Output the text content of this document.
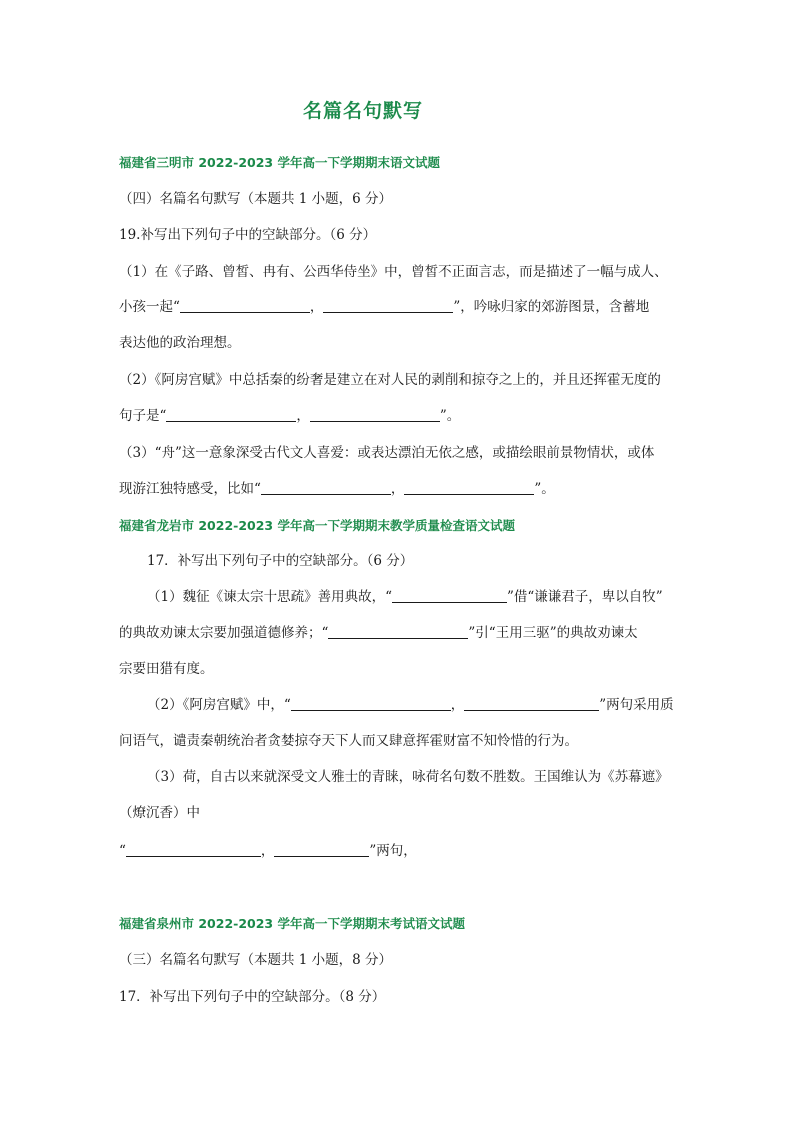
名篇名句默写
福建省三明市 2022-2023 学年高一下学期期末语文试题
（四）名篇名句默写（本题共 1 小题，6 分）
19.补写出下列句子中的空缺部分。（6 分）
（1）在《子路、曾皙、冉有、公西华侍坐》中，曾皙不正面言志，而是描述了一幅与成人、
小孩一起“	，	”，吟咏归家的郊游图景，含蓄地
表达他的政治理想。
（2）《阿房宫赋》中总括秦的纷奢是建立在对人民的剥削和掠夺之上的，并且还挥霍无度的
句子是“	，	”。
（3）“舟”这一意象深受古代文人喜爱：或表达漂泊无依之感，或描绘眼前景物情状，或体
现游江独特感受，比如“	，	”。
福建省龙岩市 2022-2023 学年高一下学期期末教学质量检查语文试题
17．补写出下列句子中的空缺部分。（6 分）
（1）魏征《谏太宗十思疏》善用典故，“	”借“谦谦君子，卑以自牧”
的典故劝谏太宗要加强道德修养；“	”引“王用三驱”的典故劝谏太
宗要田猎有度。
（2）《阿房宫赋》中，“	，	”两句采用质
问语气，谴责秦朝统治者贪婪掠夺天下人而又肆意挥霍财富不知怜惜的行为。
（3）荷，自古以来就深受文人雅士的青睐，咏荷名句数不胜数。王国维认为《苏幕遮》
（燎沉香）中
“	，	”两句，
福建省泉州市 2022-2023 学年高一下学期期末考试语文试题
（三）名篇名句默写（本题共 1 小题，8 分）
17．补写出下列句子中的空缺部分。（8 分）
